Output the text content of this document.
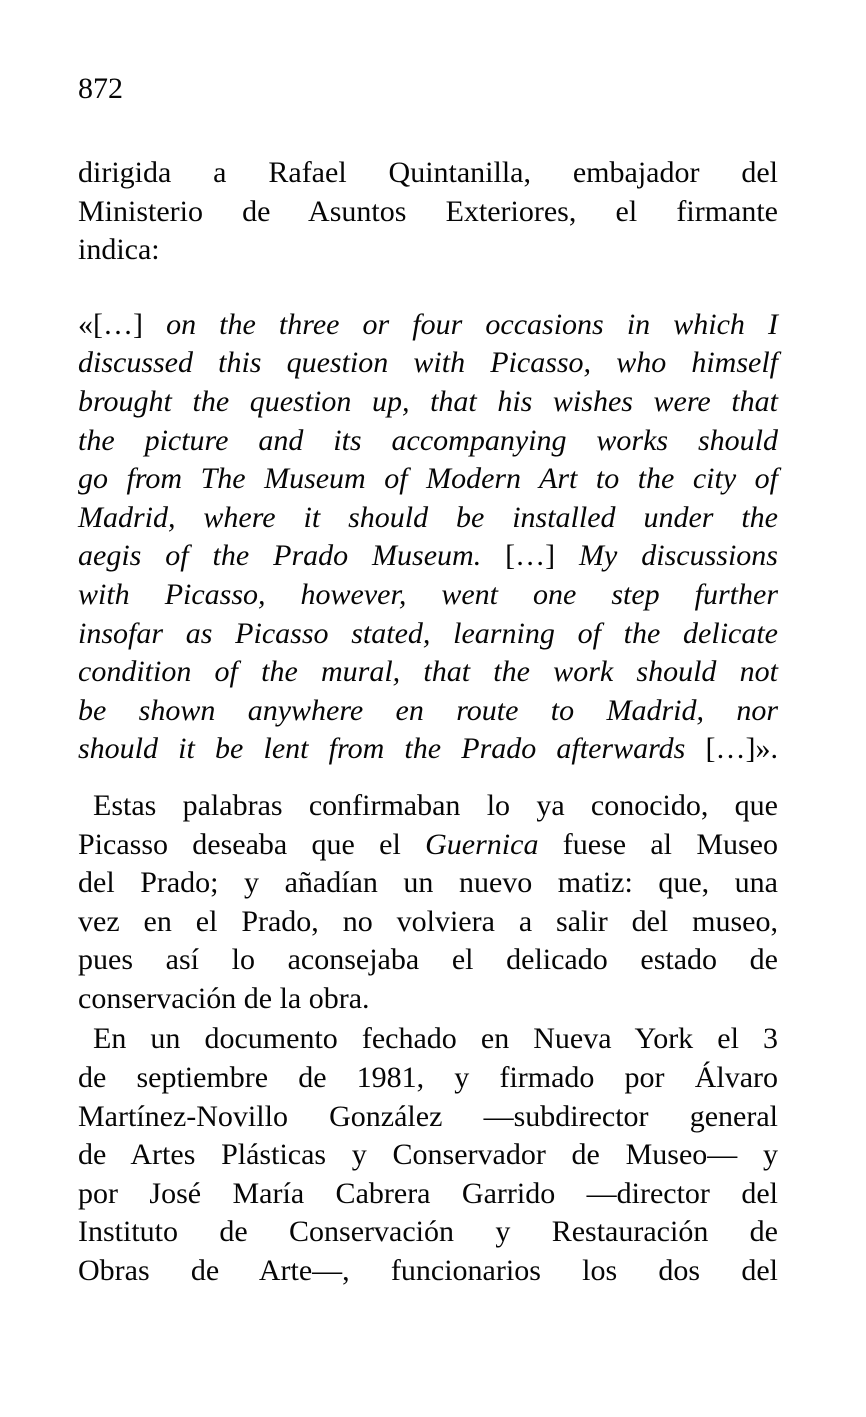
872
dirigida a Rafael Quintanilla, embajador del
Ministerio de Asuntos Exteriores, el firmante
indica:
«[…] on the three or four occasions in which I
discussed this question with Picasso, who himself
brought the question up, that his wishes were that
the picture and its accompanying works should
go from The Museum of Modern Art to the city of
Madrid, where it should be installed under the
aegis of the Prado Museum. […] My discussions
with Picasso, however, went one step further
insofar as Picasso stated, learning of the delicate
condition of the mural, that the work should not
be shown anywhere en route to Madrid, nor
should it be lent from the Prado afterwards […]».
Estas palabras confirmaban lo ya conocido, que
Picasso deseaba que el Guernica fuese al Museo
del Prado; y añadían un nuevo matiz: que, una
vez en el Prado, no volviera a salir del museo,
pues así lo aconsejaba el delicado estado de
conservación de la obra.
En un documento fechado en Nueva York el 3
de septiembre de 1981, y firmado por Álvaro
Martínez-Novillo González —subdirector general
de Artes Plásticas y Conservador de Museo— y
por José María Cabrera Garrido —director del
Instituto de Conservación y Restauración de
Obras de Arte—, funcionarios los dos del
